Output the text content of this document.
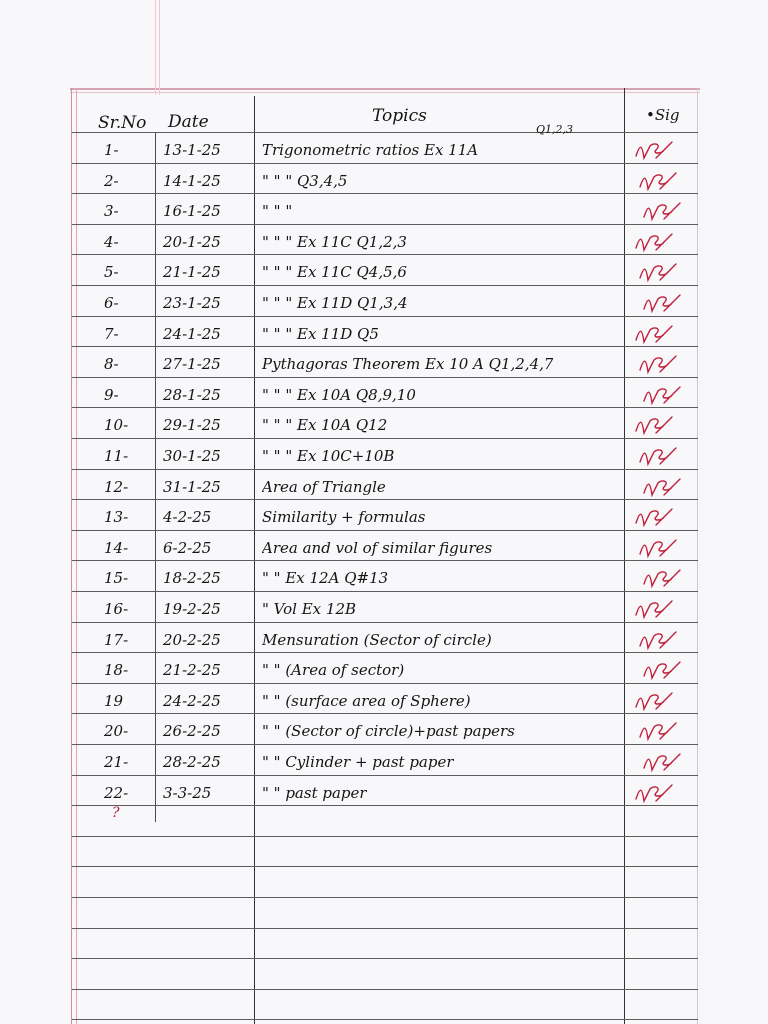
Sr.No Date	Topics
Q1,2,3
•Sig
1-	13-1-25	Trigonometric ratios Ex 11A
2-	14-1-25	" " " Q3,4,5
3-	16-1-25	" " "
4-	20-1-25	" " " Ex 11C Q1,2,3
5-	21-1-25	" " " Ex 11C Q4,5,6
6-	23-1-25	" " " Ex 11D Q1,3,4
7-	24-1-25	" " " Ex 11D Q5
8-	27-1-25	Pythagoras Theorem Ex 10 A Q1,2,4,7
9-	28-1-25	" " " Ex 10A Q8,9,10
10- 29-1-25	" " " Ex 10A Q12
11- 30-1-25	" " " Ex 10C+10B
12- 31-1-25	Area of Triangle
13- 4-2-25	Similarity + formulas
14- 6-2-25	Area and vol of similar figures
15- 18-2-25	" " Ex 12A Q#13
16- 19-2-25	" Vol Ex 12B
17- 20-2-25	Mensuration (Sector of circle)
18- 21-2-25	" " (Area of sector)
19	24-2-25	" " (surface area of Sphere)
20- 26-2-25	" " (Sector of circle)+past papers
21- 28-2-25	" " Cylinder + past paper
22- 3-3-25	" " past paper
?
